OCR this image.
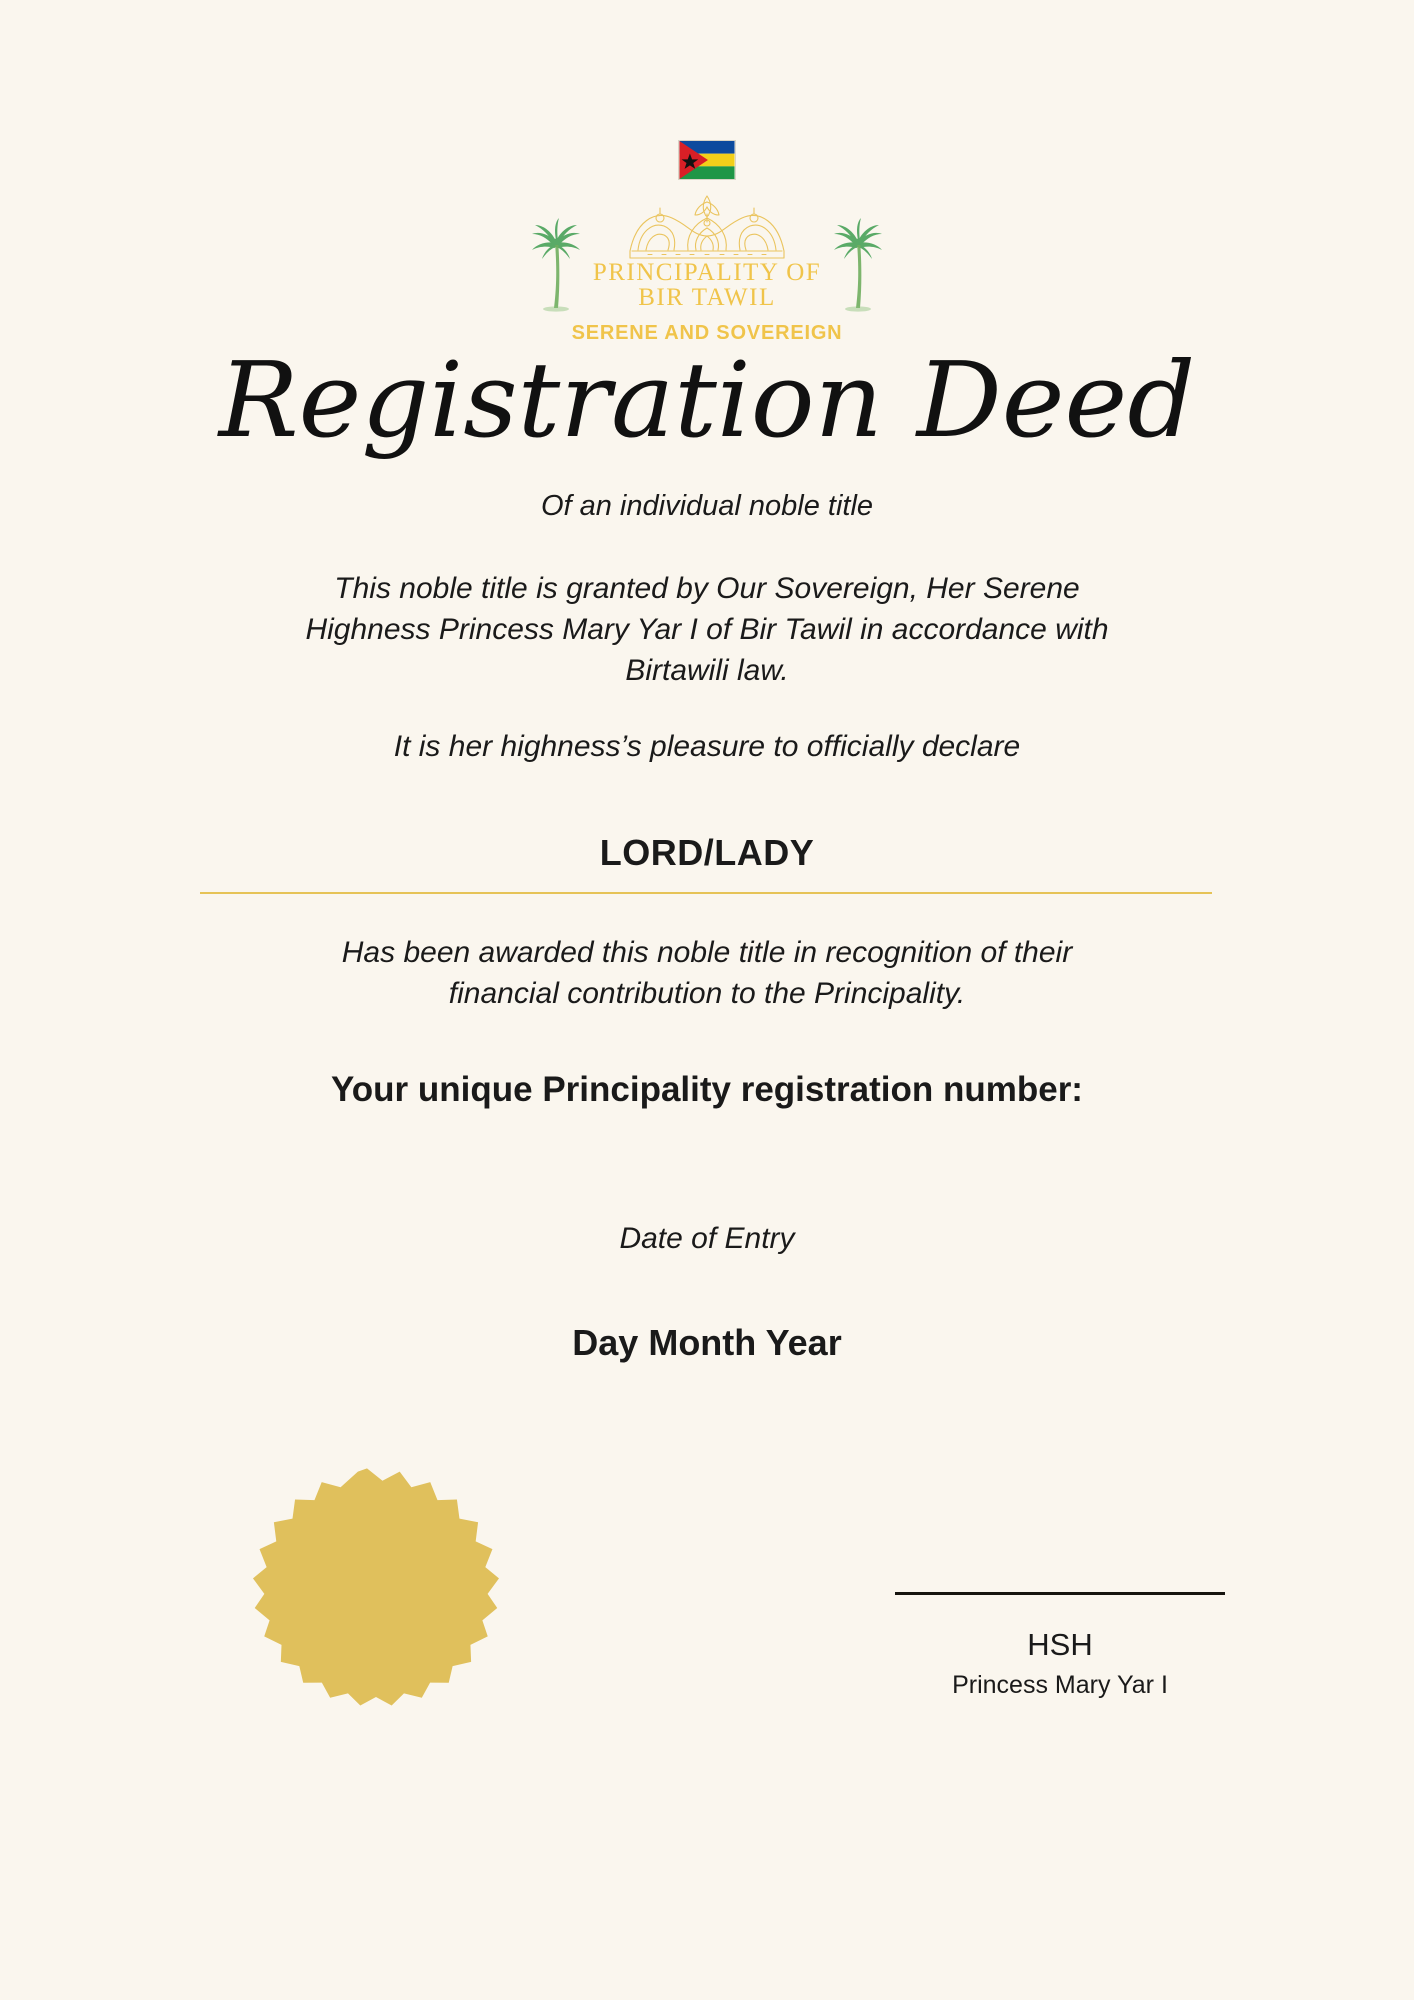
PRINCIPALITY OF
BIR TAWIL
SERENE AND SOVEREIGN
Registration Deed
Of an individual noble title
This noble title is granted by Our Sovereign, Her Serene Highness Princess Mary Yar I of Bir Tawil in accordance with Birtawili law.
It is her highness’s pleasure to officially declare
LORD/LADY
Has been awarded this noble title in recognition of their financial contribution to the Principality.
Your unique Principality registration number:
Date of Entry
Day Month Year
HSH
Princess Mary Yar I
